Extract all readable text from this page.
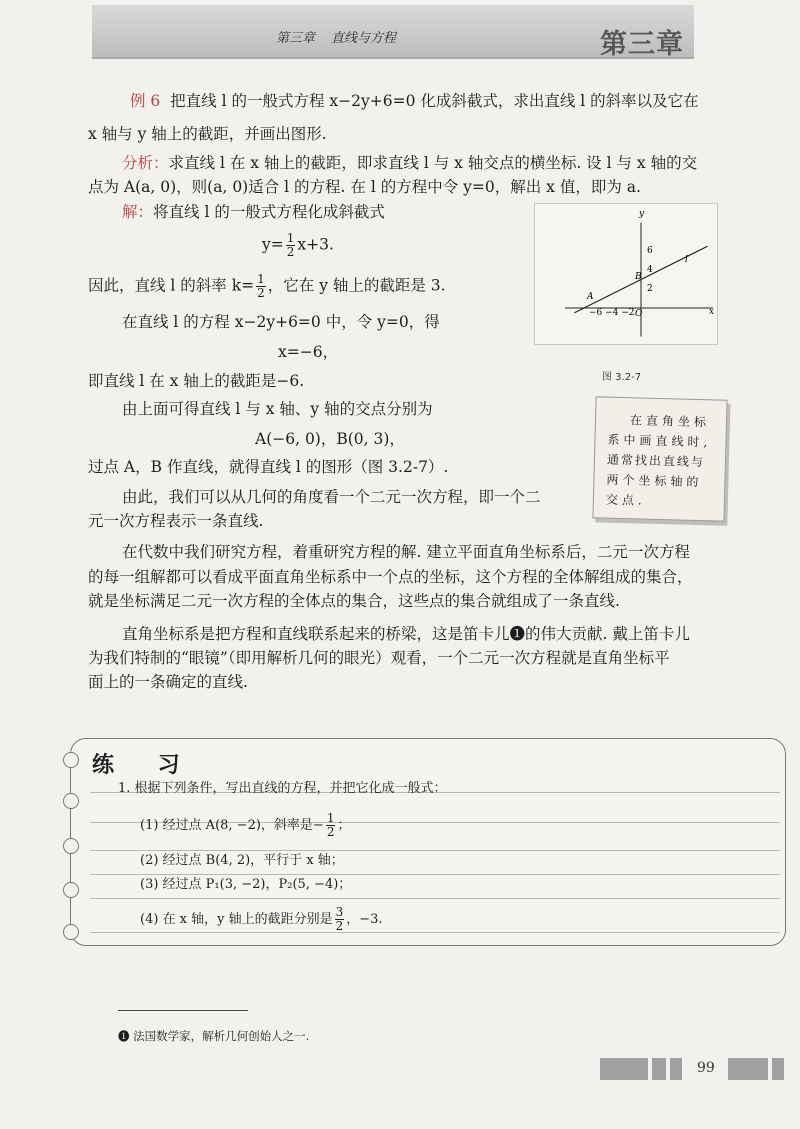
第三章 直线与方程	第三章
例 6 把直线 l 的一般式方程 x−2y+6=0 化成斜截式，求出直线 l 的斜率以及它在
x 轴与 y 轴上的截距，并画出图形.
分析：求直线 l 在 x 轴上的截距，即求直线 l 与 x 轴交点的横坐标. 设 l 与 x 轴的交
点为 A(a, 0)，则(a, 0)适合 l 的方程. 在 l 的方程中令 y=0，解出 x 值，即为 a.
解：将直线 l 的一般式方程化成斜截式
$y= \frac{1}{2} x+3$.
因此，直线 l 的斜率 $k= \frac{1}{2}$ ，它在 y 轴上的截距是 3.
在直线 l 的方程 x−2y+6=0 中，令 y=0，得
x=−6，
即直线 l 在 x 轴上的截距是−6.
由上面可得直线 l 与 x 轴、y 轴的交点分别为
A(−6, 0)，B(0, 3)，
过点 A，B 作直线，就得直线 l 的图形（图 3.2-7）.
由此，我们可以从几何的角度看一个二元一次方程，即一个二
元一次方程表示一条直线.
x
y
O
A
B
l
6
4
2
−6 −4 −2
图 3.2-7
在直角坐标
系中画直线时,
通常找出直线与
两个坐标轴的
交点.
在代数中我们研究方程，着重研究方程的解. 建立平面直角坐标系后，二元一次方程
的每一组解都可以看成平面直角坐标系中一个点的坐标，这个方程的全体解组成的集合，
就是坐标满足二元一次方程的全体点的集合，这些点的集合就组成了一条直线.
直角坐标系是把方程和直线联系起来的桥梁，这是笛卡儿❶的伟大贡献. 戴上笛卡儿
为我们特制的“眼镜”（即用解析几何的眼光）观看，一个二元一次方程就是直角坐标平
面上的一条确定的直线.
练 习
1. 根据下列条件，写出直线的方程，并把它化成一般式：
(1) 经过点 A(8, −2)，斜率是− $\frac{1}{2}$ ；
(2) 经过点 B(4, 2)，平行于 x 轴；
(3) 经过点 P₁(3, −2)，P₂(5, −4)；
(4) 在 x 轴，y 轴上的截距分别是 $\frac{3}{2}$ ，−3.
❶ 法国数学家，解析几何创始人之一.
99
